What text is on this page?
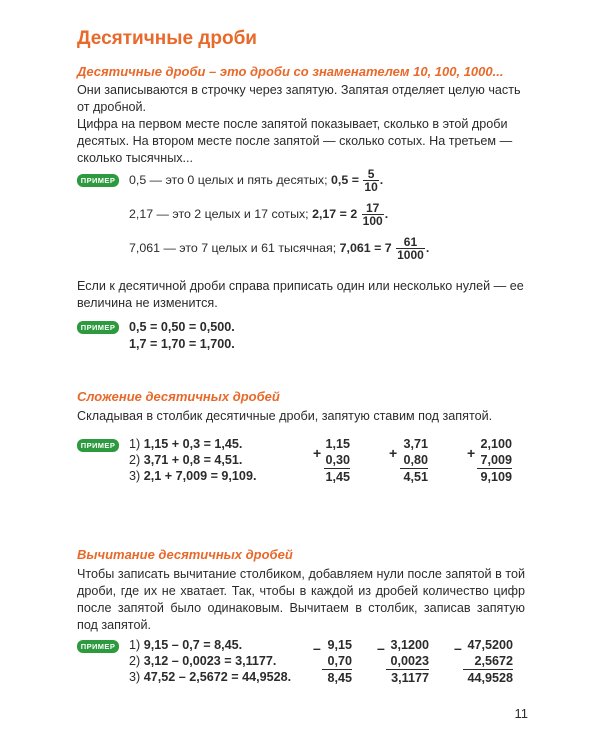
Десятичные дроби
Десятичные дроби – это дроби со знаменателем 10, 100, 1000...
Они записываются в строчку через запятую. Запятая отделяет целую часть от дробной.
Цифра на первом месте после запятой показывает, сколько в этой дроби десятых. На втором месте после запятой — сколько сотых. На третьем — сколько тысячных...
ПРИМЕР	0,5 — это 0 целых и пять десятых; $0,5 = \frac{5}{10}$ .
2,17 — это 2 целых и 17 сотых; $2,17 = 2 \frac{17}{100}$ .
7,061 — это 7 целых и 61 тысячная; $7,061 = 7 \frac{61}{1000}$ .
Если к десятичной дроби справа приписать один или несколько нулей — ее величина не изменится.
ПРИМЕР	0,5 = 0,50 = 0,500.
1,7 = 1,70 = 1,700.
Сложение десятичных дробей
Складывая в столбик десятичные дроби, запятую ставим под запятой.
ПРИМЕР	1) 1,15 + 0,3 = 1,45.
2) 3,71 + 0,8 = 4,51.
3) 2,1 + 7,009 = 9,109.
+
1,15
0,30
1,45
+
3,71
0,80
4,51
+
2,100
7,009
9,109
Вычитание десятичных дробей
Чтобы записать вычитание столбиком, добавляем нули после запятой в той дроби, где их не хватает. Так, чтобы в каждой из дробей количество цифр после запятой было одинаковым. Вычитаем в столбик, записав запятую под запятой.
ПРИМЕР	1) 9,15 – 0,7 = 8,45.
2) 3,12 – 0,0023 = 3,1177.
3) 47,52 – 2,5672 = 44,9528.
– 9,15
0,70
8,45
– 3,1200
0,0023
3,1177
– 47,5200
2,5672
44,9528
11
